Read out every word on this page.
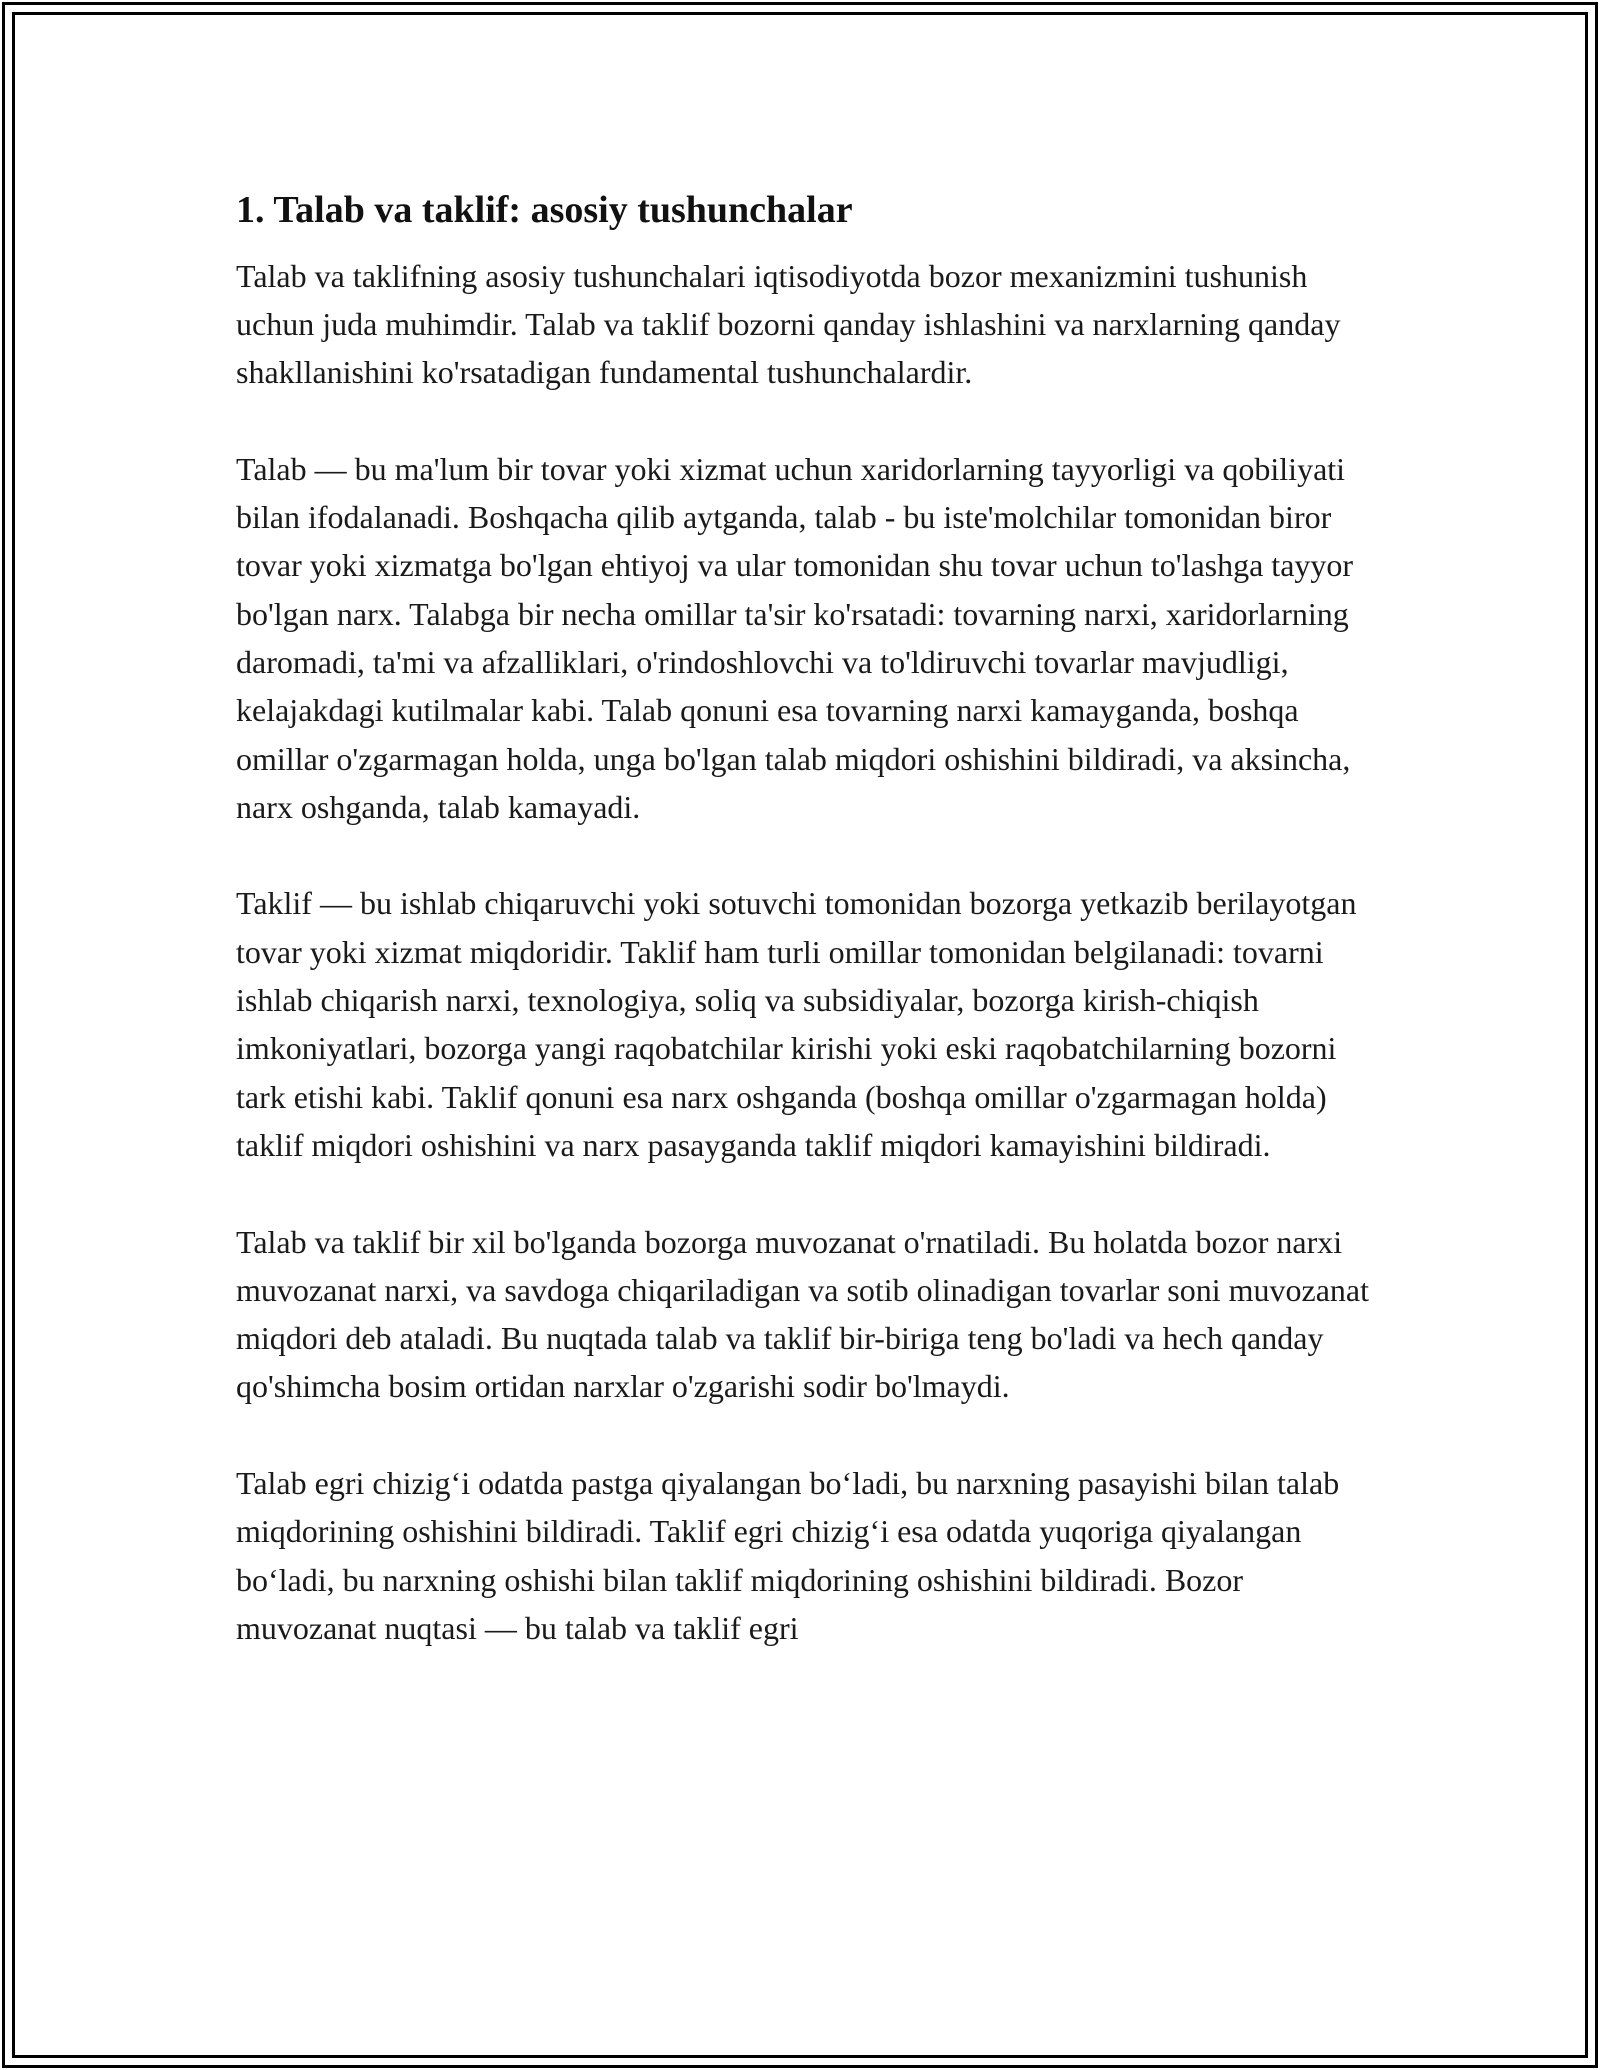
1. Talab va taklif: asosiy tushunchalar

Talab va taklifning asosiy tushunchalari iqtisodiyotda bozor mexanizmini tushunish uchun juda muhimdir. Talab va taklif bozorni qanday ishlashini va narxlarning qanday shakllanishini ko'rsatadigan fundamental tushunchalardir.

Talab — bu ma'lum bir tovar yoki xizmat uchun xaridorlarning tayyorligi va qobiliyati bilan ifodalanadi. Boshqacha qilib aytganda, talab - bu iste'molchilar tomonidan biror tovar yoki xizmatga bo'lgan ehtiyoj va ular tomonidan shu tovar uchun to'lashga tayyor bo'lgan narx. Talabga bir necha omillar ta'sir ko'rsatadi: tovarning narxi, xaridorlarning daromadi, ta'mi va afzalliklari, o'rindoshlovchi va to'ldiruvchi tovarlar mavjudligi, kelajakdagi kutilmalar kabi. Talab qonuni esa tovarning narxi kamayganda, boshqa omillar o'zgarmagan holda, unga bo'lgan talab miqdori oshishini bildiradi, va aksincha, narx oshganda, talab kamayadi.

Taklif — bu ishlab chiqaruvchi yoki sotuvchi tomonidan bozorga yetkazib berilayotgan tovar yoki xizmat miqdoridir. Taklif ham turli omillar tomonidan belgilanadi: tovarni ishlab chiqarish narxi, texnologiya, soliq va subsidiyalar, bozorga kirish-chiqish imkoniyatlari, bozorga yangi raqobatchilar kirishi yoki eski raqobatchilarning bozorni tark etishi kabi. Taklif qonuni esa narx oshganda (boshqa omillar o'zgarmagan holda) taklif miqdori oshishini va narx pasayganda taklif miqdori kamayishini bildiradi.

Talab va taklif bir xil bo'lganda bozorga muvozanat o'rnatiladi. Bu holatda bozor narxi muvozanat narxi, va savdoga chiqariladigan va sotib olinadigan tovarlar soni muvozanat miqdori deb ataladi. Bu nuqtada talab va taklif bir-biriga teng bo'ladi va hech qanday qo'shimcha bosim ortidan narxlar o'zgarishi sodir bo'lmaydi.

Talab egri chizig‘i odatda pastga qiyalangan bo‘ladi, bu narxning pasayishi bilan talab miqdorining oshishini bildiradi. Taklif egri chizig‘i esa odatda yuqoriga qiyalangan bo‘ladi, bu narxning oshishi bilan taklif miqdorining oshishini bildiradi. Bozor muvozanat nuqtasi — bu talab va taklif egri
